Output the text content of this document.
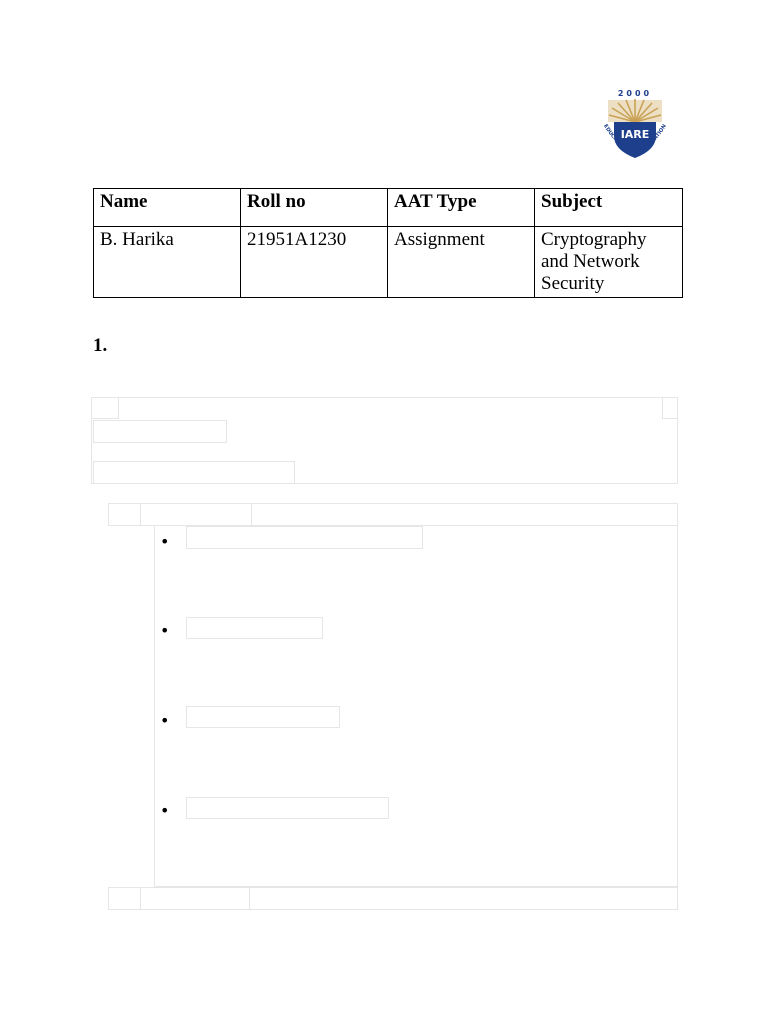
2000
IARE
EDUCATION FOR LIBERATION
Name	Roll no	AAT Type	Subject
B. Harika	21951A1230	Assignment	Cryptography and Network Security
1.
•
•
•
•
